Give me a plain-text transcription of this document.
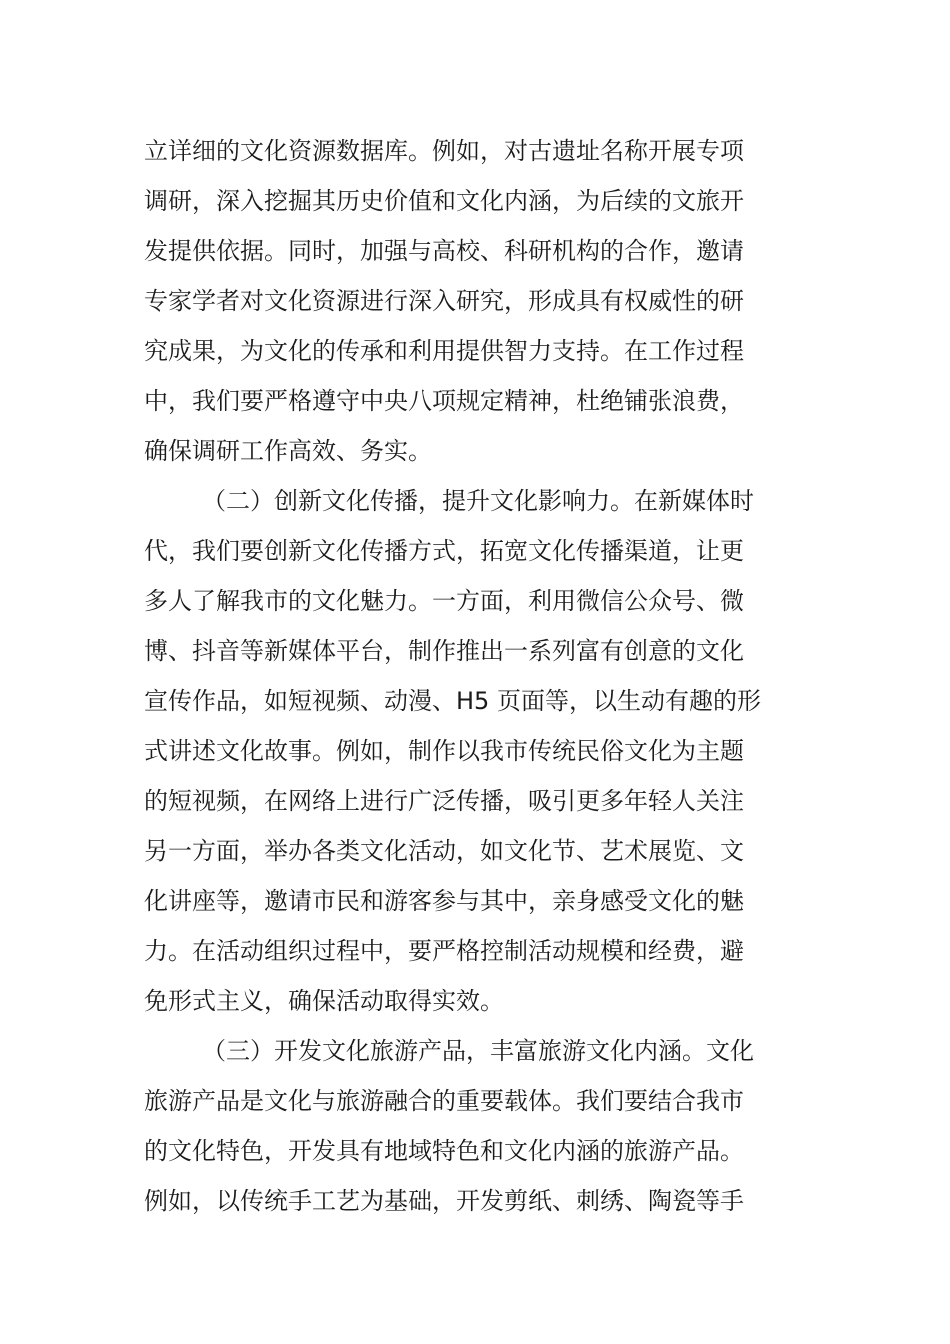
立详细的文化资源数据库。例如，对古遗址名称开展专项
调研，深入挖掘其历史价值和文化内涵，为后续的文旅开
发提供依据。同时，加强与高校、科研机构的合作，邀请
专家学者对文化资源进行深入研究，形成具有权威性的研
究成果，为文化的传承和利用提供智力支持。在工作过程
中，我们要严格遵守中央八项规定精神，杜绝铺张浪费，
确保调研工作高效、务实。
（二）创新文化传播，提升文化影响力。在新媒体时
代，我们要创新文化传播方式，拓宽文化传播渠道，让更
多人了解我市的文化魅力。一方面，利用微信公众号、微
博、抖音等新媒体平台，制作推出一系列富有创意的文化
宣传作品，如短视频、动漫、H5 页面等，以生动有趣的形
式讲述文化故事。例如，制作以我市传统民俗文化为主题
的短视频，在网络上进行广泛传播，吸引更多年轻人关注
另一方面，举办各类文化活动，如文化节、艺术展览、文
化讲座等，邀请市民和游客参与其中，亲身感受文化的魅
力。在活动组织过程中，要严格控制活动规模和经费，避
免形式主义，确保活动取得实效。
（三）开发文化旅游产品，丰富旅游文化内涵。文化
旅游产品是文化与旅游融合的重要载体。我们要结合我市
的文化特色，开发具有地域特色和文化内涵的旅游产品。
例如，以传统手工艺为基础，开发剪纸、刺绣、陶瓷等手
